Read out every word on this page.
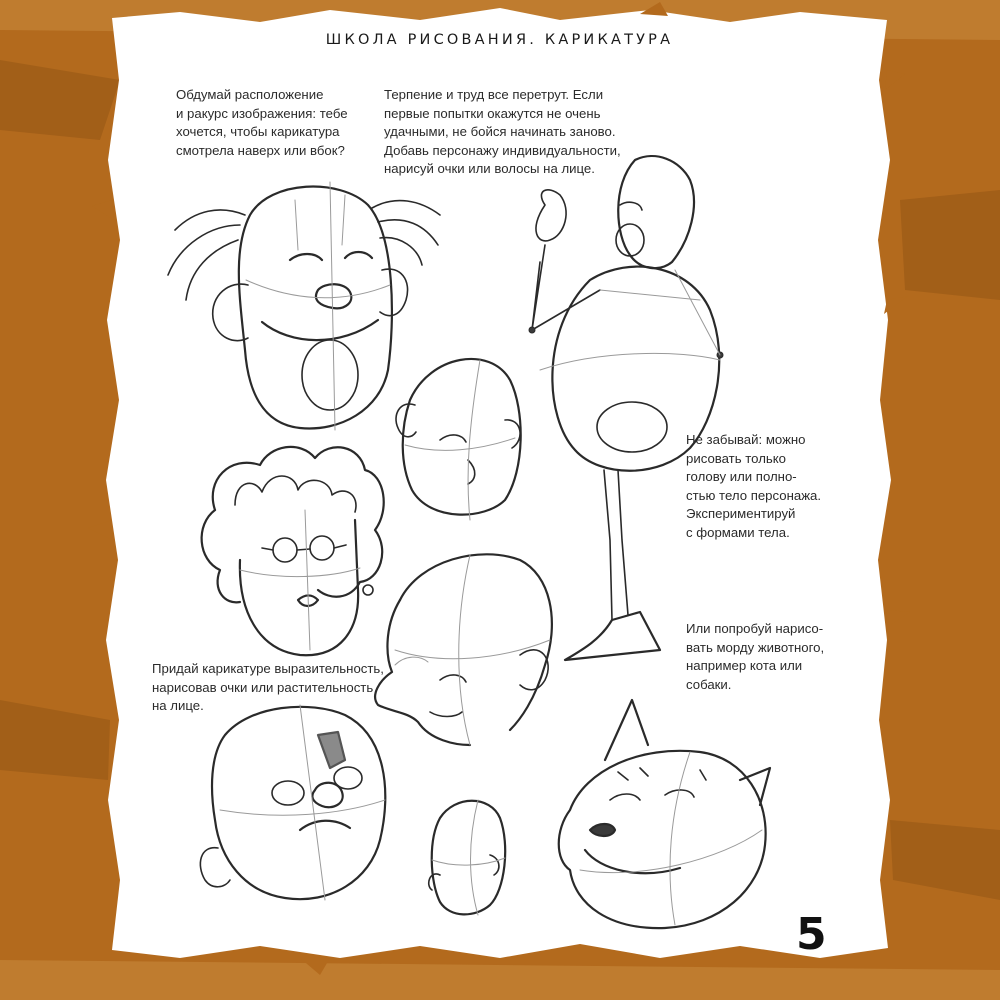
ШКОЛА РИСОВАНИЯ. КАРИКАТУРА

Обдумай расположение
и ракурс изображения: тебе
хочется, чтобы карикатура
смотрела наверх или вбок?

Терпение и труд все перетрут. Если
первые попытки окажутся не очень
удачными, не бойся начинать заново.
Добавь персонажу индивидуальности,
нарисуй очки или волосы на лице.

Не забывай: можно
рисовать только
голову или полно-
стью тело персонажа.
Экспериментируй
с формами тела.

Придай карикатуре выразительность,
нарисовав очки или растительность
на лице.

Или попробуй нарисо-
вать морду животного,
например кота или
собаки.

5
